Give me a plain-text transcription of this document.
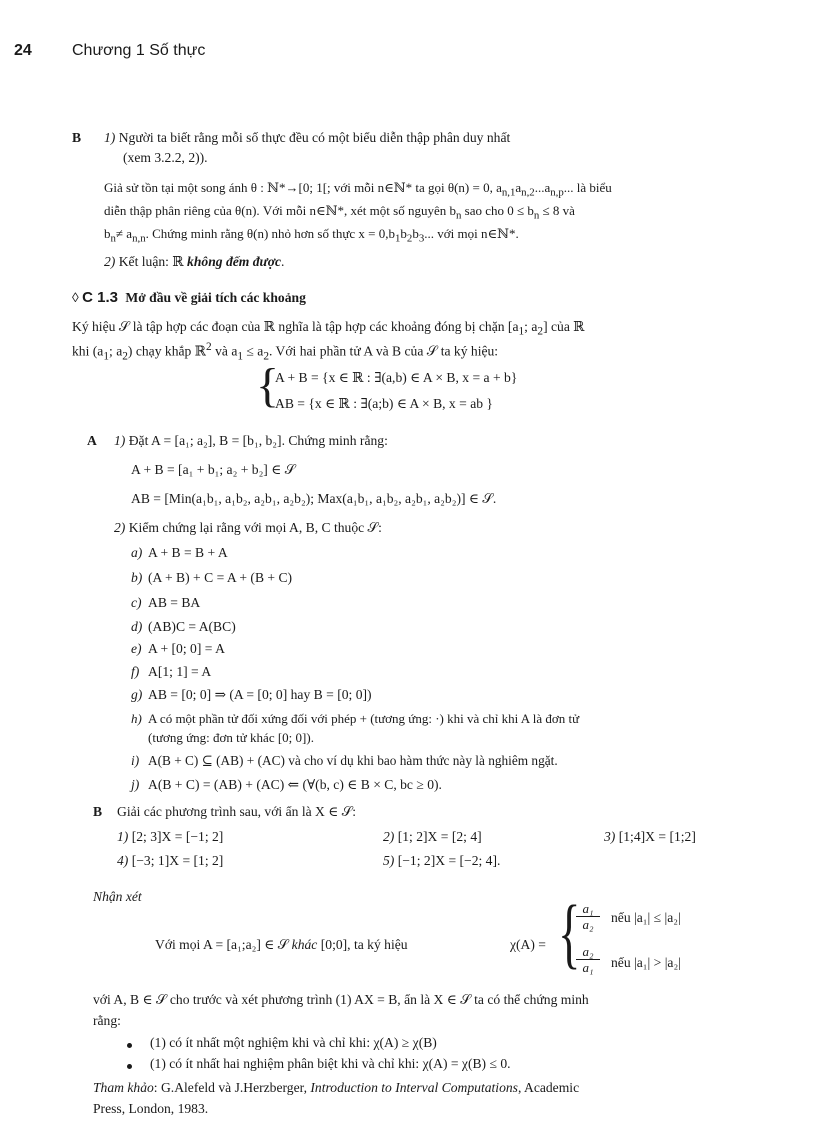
24	Chương 1 Số thực
B 1) Người ta biết rằng mỗi số thực đều có một biểu diễn thập phân duy nhất
(xem 3.2.2, 2)).
Giả sử tồn tại một song ánh θ : ℕ*→[0; 1[; với mỗi n∈ℕ* ta gọi θ(n) = 0, $a_{n,1}a_{n,2}...a_{n,p}$... là biểu
diễn thập phân riêng của θ(n). Với mỗi n∈ℕ*, xét một số nguyên $b_n$ sao cho $0 \le b_n \le 8$ và
$b_n\ne a_{n,n}$. Chứng minh rằng θ(n) nhỏ hơn số thực $x = 0,b_1b_2b_3$... với mọi n∈ℕ*.
2) Kết luận: ℝ không đếm được.
◊ C 1.3 Mở đầu về giải tích các khoảng
Ký hiệu 𝒮 là tập hợp các đoạn của ℝ nghĩa là tập hợp các khoảng đóng bị chặn [$a_1$; $a_2$] của ℝ
khi ($a_1$; $a_2$) chạy khắp ℝ$^2$ và $a_1 \le a_2$. Với hai phần tử A và B của 𝒮 ta ký hiệu:
{
A + B = {x ∈ ℝ : ∃(a,b) ∈ A × B, x = a + b}
AB = {x ∈ ℝ : ∃(a;b) ∈ A × B, x = ab }
A 1) Đặt A = [a₁; a₂], B = [b₁, b₂]. Chứng minh rằng:
A + B = [a₁ + b₁; a₂ + b₂] ∈ 𝒮
AB = [Min(a₁b₁, a₁b₂, a₂b₁, a₂b₂); Max(a₁b₁, a₁b₂, a₂b₁, a₂b₂)] ∈ 𝒮.
2) Kiểm chứng lại rằng với mọi A, B, C thuộc 𝒮:
a) A + B = B + A
b) (A + B) + C = A + (B + C)
c) AB = BA
d) (AB)C = A(BC)
e) A + [0; 0] = A
f) A[1; 1] = A
g) AB = [0; 0] ⇒ (A = [0; 0] hay B = [0; 0])
h) A có một phần tử đối xứng đối với phép + (tương ứng: ·) khi và chỉ khi A là đơn tử
(tương ứng: đơn tử khác [0; 0]).
i) A(B + C) ⊆ (AB) + (AC) và cho ví dụ khi bao hàm thức này là nghiêm ngặt.
j) A(B + C) = (AB) + (AC) ⇐ (∀(b, c) ∈ B × C, bc ≥ 0).
B Giải các phương trình sau, với ẩn là X ∈ 𝒮:
1) [2; 3]X = [−1; 2]	2) [1; 2]X = [2; 4]	3) [1;4]X = [1;2]
4) [−3; 1]X = [1; 2]	5) [−1; 2]X = [−2; 4].
Nhận xét
Với mọi A = [a₁;a₂] ∈ 𝒮 khác [0;0], ta ký hiệu	χ(A) = { a₁
a₂	nếu |a₁| ≤ |a₂|
a₂
a₁	nếu |a₁| > |a₂|
với A, B ∈ 𝒮 cho trước và xét phương trình (1) AX = B, ẩn là X ∈ 𝒮 ta có thể chứng minh
rằng:
(1) có ít nhất một nghiệm khi và chỉ khi: χ(A) ≥ χ(B)
(1) có ít nhất hai nghiệm phân biệt khi và chỉ khi: χ(A) = χ(B) ≤ 0.
Tham khảo: G.Alefeld và J.Herzberger, Introduction to Interval Computations, Academic
Press, London, 1983.
